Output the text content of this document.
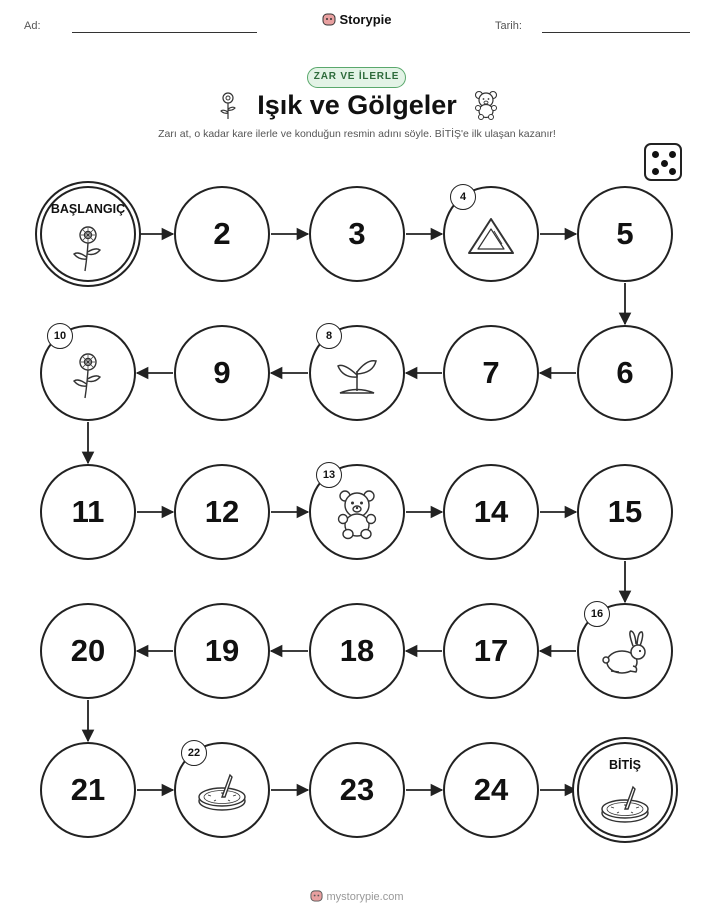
Ad:	Storypie	Tarih:
ZAR VE İLERLE
Işık ve Gölgeler
Zarı at, o kadar kare ilerle ve konduğun resmin adını söyle. BİTİŞ'e ilk ulaşan kazanır!
BAŞLANGIÇ
2	3
4
5
6
7
8
9
10
11	12
13
14	15
16
17
18
19
20
21
22
23	24
BİTİŞ
mystorypie.com
